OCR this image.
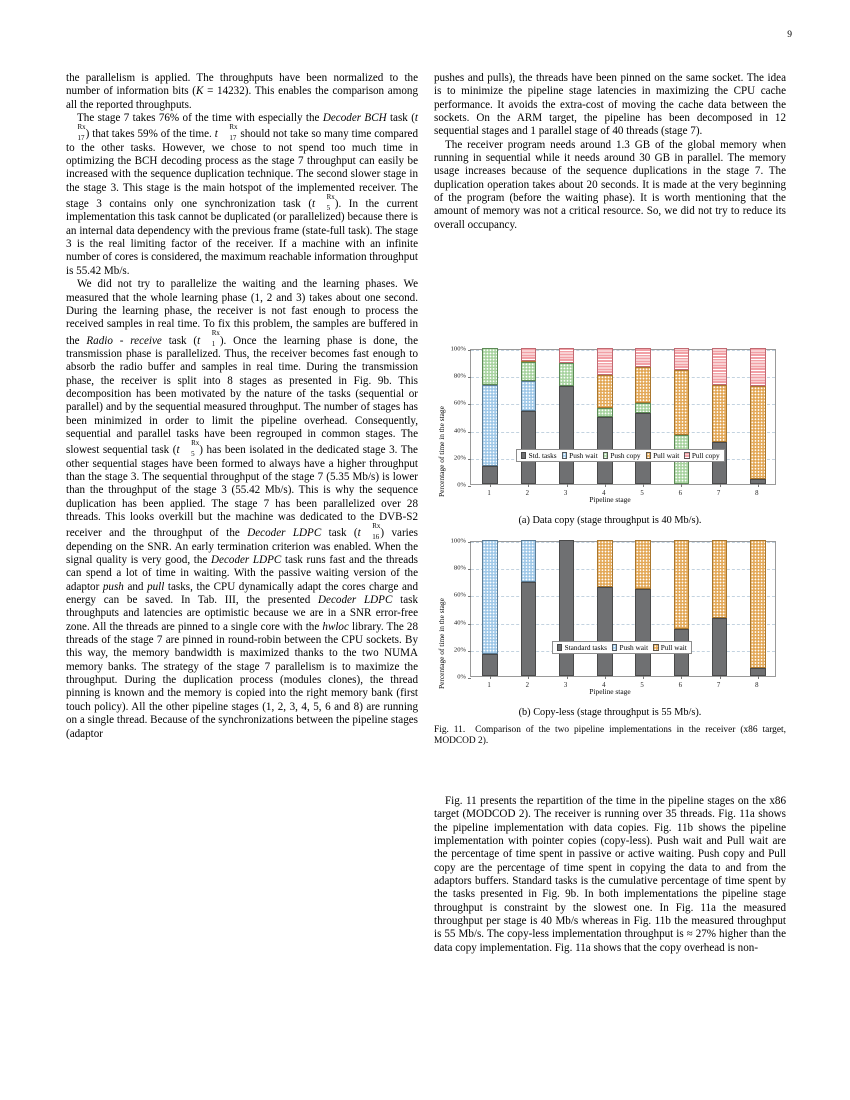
9

the parallelism is applied. The throughputs have been normal​ized to the number of information bits (K = 14232). This enables the comparison among all the reported throughputs.

The stage 7 takes 76% of the time with especially the Decoder BCH task (t
Rx
17 ) that takes 59% of the time. t
Rx
17 should not take so many time compared to the other tasks. However, we chose to not spend too much time in optimizing the BCH decoding process as the stage 7 throughput can easily be increased with the sequence duplication technique. The second slower stage in the stage 3. This stage is the main hotspot of the implemented receiver. The stage 3 contains only one synchronization task (t
Rx
5 ). In the current implementation this task cannot be duplicated (or parallelized) because there is an internal data dependency with the previous frame (state-full task). The stage 3 is the real limiting factor of the receiver. If a machine with an infinite number of cores is considered, the maximum reachable information throughput is 55.42 Mb/s.

We did not try to parallelize the waiting and the learning phases. We measured that the whole learning phase (1, 2 and 3) takes about one second. During the learning phase, the receiver is not fast enough to process the received samples in real time. To fix this problem, the samples are buffered in the Radio - receive task (t
Rx
1 ). Once the learning phase is done, the transmission phase is parallelized. Thus, the receiver becomes fast enough to absorb the radio buffer and samples in real time. During the transmission phase, the receiver is split into 8 stages as presented in Fig. 9b. This decomposition has been motivated by the nature of the tasks (sequential or parallel) and by the sequential measured throughput. The number of stages has been minimized in order to limit the pipeline overhead. Consequently, sequential and parallel tasks have been regrouped in common stages. The slowest sequential task (t
Rx
5 ) has been isolated in the dedicated stage 3. The other sequential stages have been formed to always have a higher throughput than the stage 3. The sequential throughput of the stage 7 (5.35 Mb/s) is lower than the throughput of the stage 3 (55.42 Mb/s). This is why the sequence duplication has been applied. The stage 7 has been parallelized over 28 threads. This looks overkill but the machine was dedicated to the DVB-S2 receiver and the throughput of the Decoder LDPC task (t
Rx
16 ) varies depending on the SNR. An early termination criterion was enabled. When the signal quality is very good, the Decoder LDPC task runs fast and the threads can spend a lot of time in waiting. With the passive waiting version of the adaptor push and pull tasks, the CPU dynamically adapt the cores charge and energy can be saved. In Tab. III, the presented Decoder LDPC task throughputs and latencies are optimistic because we are in a SNR error-free zone. All the threads are pinned to a single core with the hwloc library. The 28 threads of the stage 7 are pinned in round-robin between the CPU sockets. By this way, the memory bandwidth is maximized thanks to the two NUMA memory banks. The strategy of the stage 7 parallelism is to maximize the throughput. During the duplication process (modules clones), the thread pinning is known and the memory is copied into the right memory bank (first touch policy). All the other pipeline stages (1, 2, 3, 4, 5, 6 and 8) are running on a single thread. Because of the synchronizations between the pipeline stages (adaptor

pushes and pulls), the threads have been pinned on the same socket. The idea is to minimize the pipeline stage latencies in maximizing the CPU cache performance. It avoids the extra-cost of moving the cache data between the sockets. On the ARM target, the pipeline has been decomposed in 12 sequential stages and 1 parallel stage of 40 threads (stage 7).

The receiver program needs around 1.3 GB of the global memory when running in sequential while it needs around 30 GB in parallel. The memory usage increases because of the sequence duplications in the stage 7. The duplication operation takes about 20 seconds. It is made at the very beginning of the program (before the waiting phase). It is worth mentioning that the amount of memory was not a critical resource. So, we did not try to reduce its overall occupancy.

Percentage of time in the stage 0%
20%
40%
60%
80%
100%
1	2	3	4	5	6	7	8
Pipeline stage
Std. tasks Push wait Push copy Pull wait Pull copy
(a) Data copy (stage throughput is 40 Mb/s).
Percentage of time in the stage 0%
20%
40%
60%
80%
100%
1	2	3	4	5	6	7	8
Pipeline stage
Standard tasks Push wait Pull wait
(b) Copy-less (stage throughput is 55 Mb/s).
Fig. 11. Comparison of the two pipeline implementations in the receiver (x86 target, MODCOD 2).

Fig. 11 presents the repartition of the time in the pipeline stages on the x86 target (MODCOD 2). The receiver is running over 35 threads. Fig. 11a shows the pipeline implementation with data copies. Fig. 11b shows the pipeline implementation with pointer copies (copy-less). Push wait and Pull wait are the percentage of time spent in passive or active waiting. Push copy and Pull copy are the percentage of time spent in copying the data to and from the adaptors buffers. Standard tasks is the cumulative percentage of time spent by the tasks presented in Fig. 9b. In both implementations the pipeline stage throughput is constraint by the slowest one. In Fig. 11a the measured throughput per stage is 40 Mb/s whereas in Fig. 11b the measured throughput is 55 Mb/s. The copy-less implementation throughput is ≈ 27% higher than the data copy implementation. Fig. 11a shows that the copy overhead is non-
